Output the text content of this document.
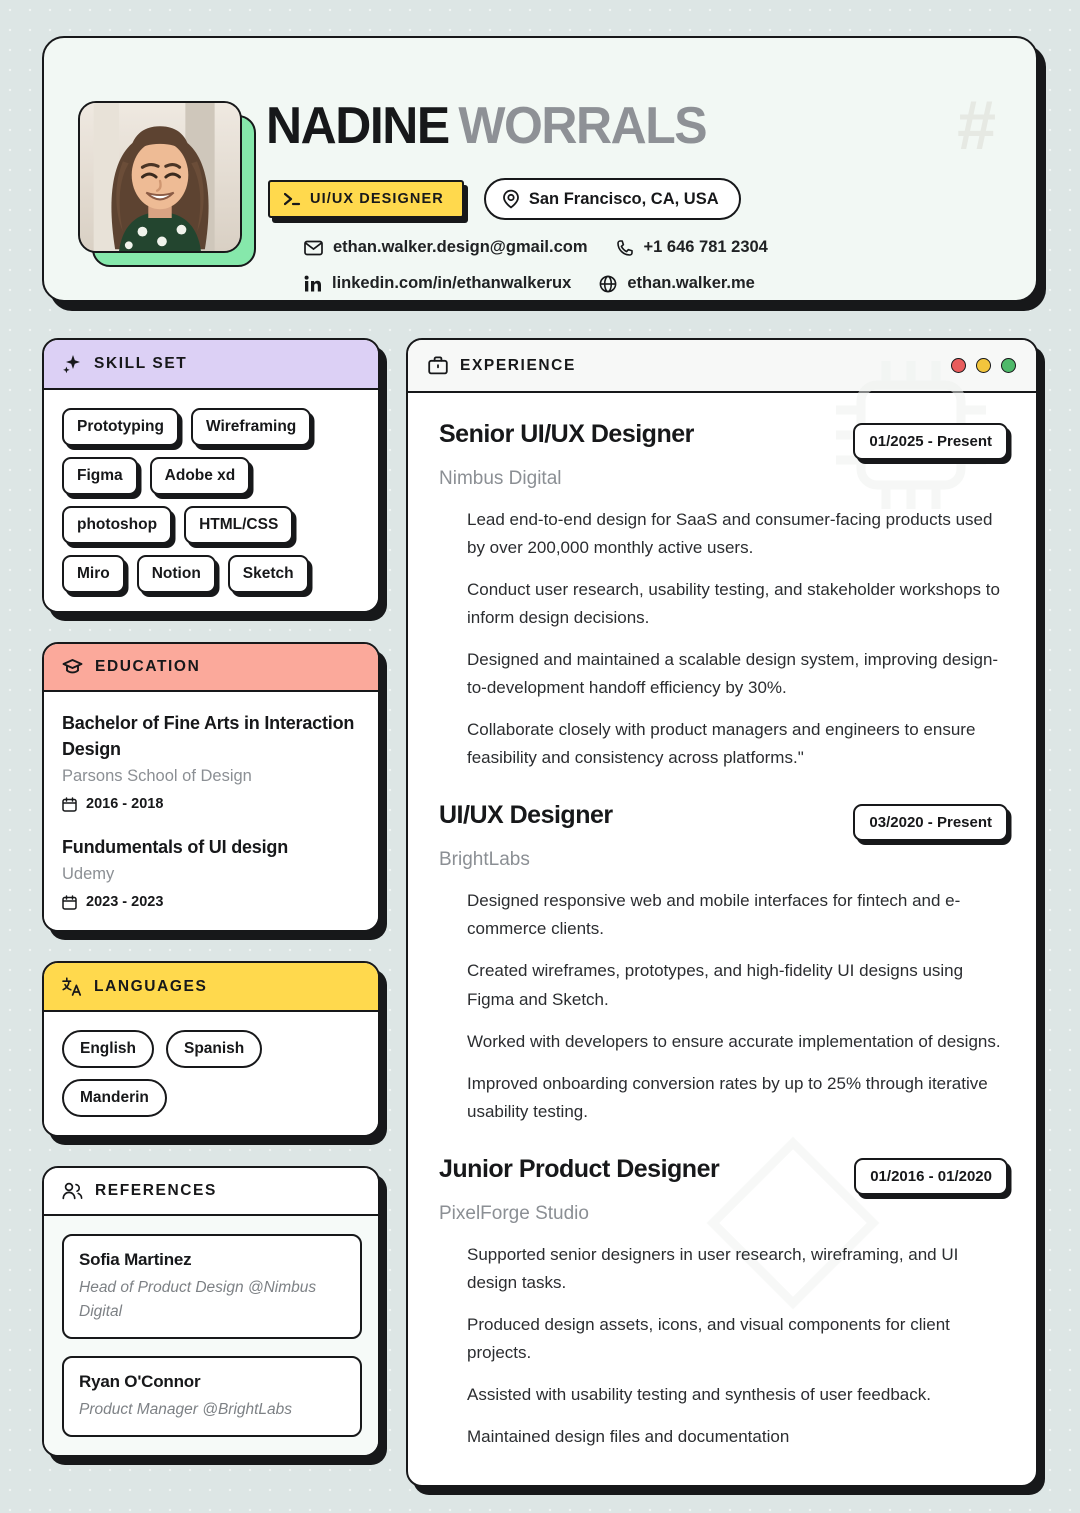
#
NADINE WORRALS
UI/UX DESIGNER	San Francisco, CA, USA
ethan.walker.design@gmail.com	+1 646 781 2304
linkedin.com/in/ethanwalkerux	ethan.walker.me
SKILL SET
Prototyping	Wireframing
Figma	Adobe xd
photoshop	HTML/CSS
Miro	Notion	Sketch
EDUCATION
Bachelor of Fine Arts in Interaction Design
Parsons School of Design
2016 - 2018
Fundumentals of UI design
Udemy
2023 - 2023
LANGUAGES
English	Spanish
Manderin
REFERENCES
Sofia Martinez
Head of Product Design @Nimbus Digital
Ryan O'Connor
Product Manager @BrightLabs
EXPERIENCE
Senior UI/UX Designer	01/2025 - Present
Nimbus Digital
Lead end-to-end design for SaaS and consumer-facing products used by over 200,000 monthly active users.
Conduct user research, usability testing, and stakeholder workshops to inform design decisions.
Designed and maintained a scalable design system, improving design-to-development handoff efficiency by 30%.
Collaborate closely with product managers and engineers to ensure feasibility and consistency across platforms."
UI/UX Designer	03/2020 - Present
BrightLabs
Designed responsive web and mobile interfaces for fintech and e-commerce clients.
Created wireframes, prototypes, and high-fidelity UI designs using Figma and Sketch.
Worked with developers to ensure accurate implementation of designs.
Improved onboarding conversion rates by up to 25% through iterative usability testing.
Junior Product Designer	01/2016 - 01/2020
PixelForge Studio
Supported senior designers in user research, wireframing, and UI design tasks.
Produced design assets, icons, and visual components for client projects.
Assisted with usability testing and synthesis of user feedback.
Maintained design files and documentation
